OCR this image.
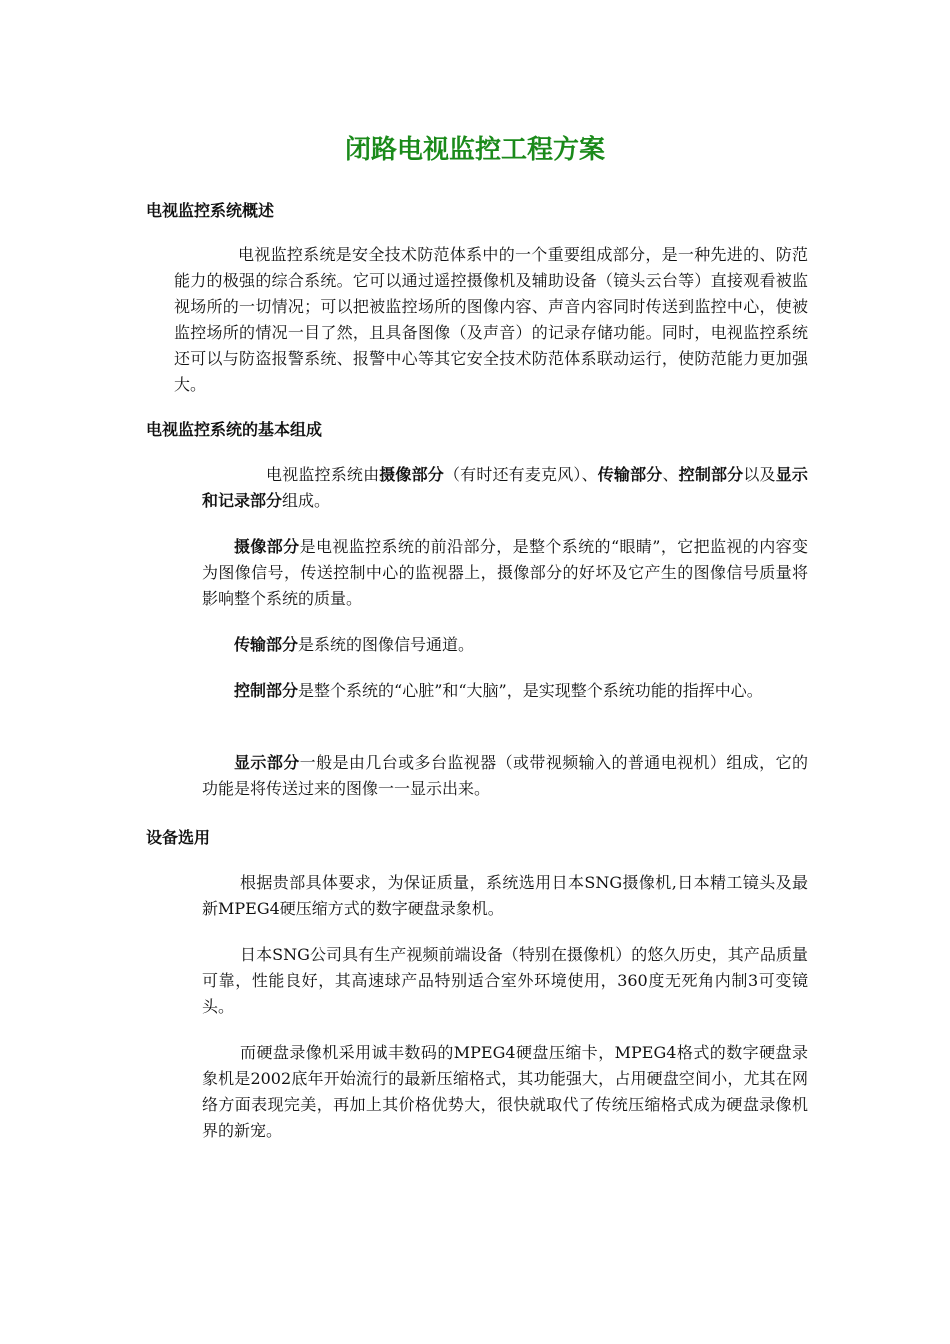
闭路电视监控工程方案
电视监控系统概述

电视监控系统是安全技术防范体系中的一个重要组成部分，是一种先进的、防范能力的极强的综合系统。它可以通过遥控摄像机及辅助设备（镜头云台等）直接观看被监视场所的一切情况；可以把被监控场所的图像内容、声音内容同时传送到监控中心，使被监控场所的情况一目了然，且具备图像（及声音）的记录存储功能。同时，电视监控系统还可以与防盗报警系统、报警中心等其它安全技术防范体系联动运行，使防范能力更加强大。

电视监控系统的基本组成

电视监控系统由摄像部分（有时还有麦克风）、传输部分、控制部分以及显示和记录部分组成。

摄像部分是电视监控系统的前沿部分，是整个系统的“眼睛”，它把监视的内容变为图像信号，传送控制中心的监视器上，摄像部分的好坏及它产生的图像信号质量将影响整个系统的质量。

传输部分是系统的图像信号通道。

控制部分是整个系统的“心脏”和“大脑”，是实现整个系统功能的指挥中心。

显示部分一般是由几台或多台监视器（或带视频输入的普通电视机）组成，它的功能是将传送过来的图像一一显示出来。

设备选用

根据贵部具体要求，为保证质量，系统选用日本SNG摄像机,日本精工镜头及最新MPEG4硬压缩方式的数字硬盘录象机。

日本SNG公司具有生产视频前端设备（特别在摄像机）的悠久历史，其产品质量可靠，性能良好，其高速球产品特别适合室外环境使用，360度无死角内制3可变镜头。

而硬盘录像机采用诚丰数码的MPEG4硬盘压缩卡，MPEG4格式的数字硬盘录象机是2002底年开始流行的最新压缩格式，其功能强大，占用硬盘空间小，尤其在网络方面表现完美，再加上其价格优势大，很快就取代了传统压缩格式成为硬盘录像机界的新宠。
